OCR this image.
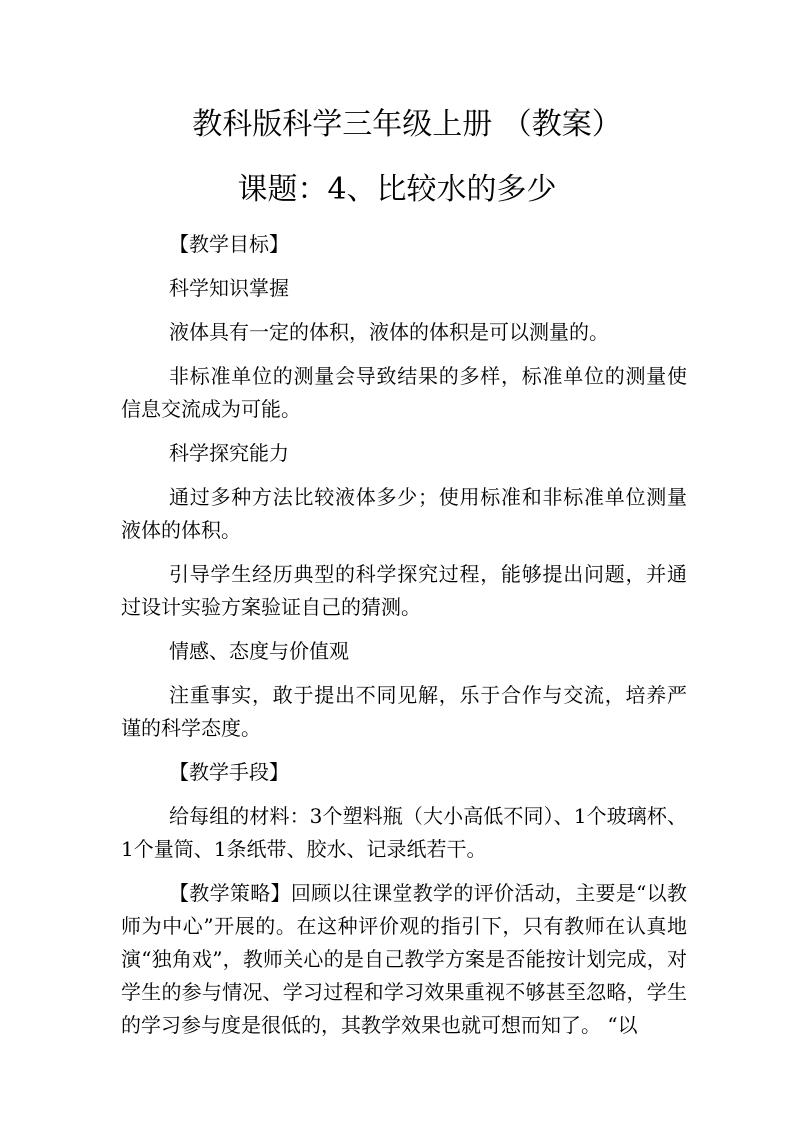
教科版科学三年级上册 （教案）
课题：4、比较水的多少

【教学目标】

科学知识掌握

液体具有一定的体积，液体的体积是可以测量的。

非标准单位的测量会导致结果的多样，标准单位的测量使信息交流成为可能。

科学探究能力

通过多种方法比较液体多少；使用标准和非标准单位测量液体的体积。

引导学生经历典型的科学探究过程，能够提出问题，并通过设计实验方案验证自己的猜测。

情感、态度与价值观

注重事实，敢于提出不同见解，乐于合作与交流，培养严谨的科学态度。

【教学手段】

给每组的材料：3个塑料瓶（大小高低不同）、1个玻璃杯、1个量筒、1条纸带、胶水、记录纸若干。

【教学策略】回顾以往课堂教学的评价活动，主要是“以教师为中心”开展的。在这种评价观的指引下，只有教师在认真地演“独角戏”，教师关心的是自己教学方案是否能按计划完成，对学生的参与情况、学习过程和学习效果重视不够甚至忽略，学生的学习参与度是很低的，其教学效果也就可想而知了。 “以
